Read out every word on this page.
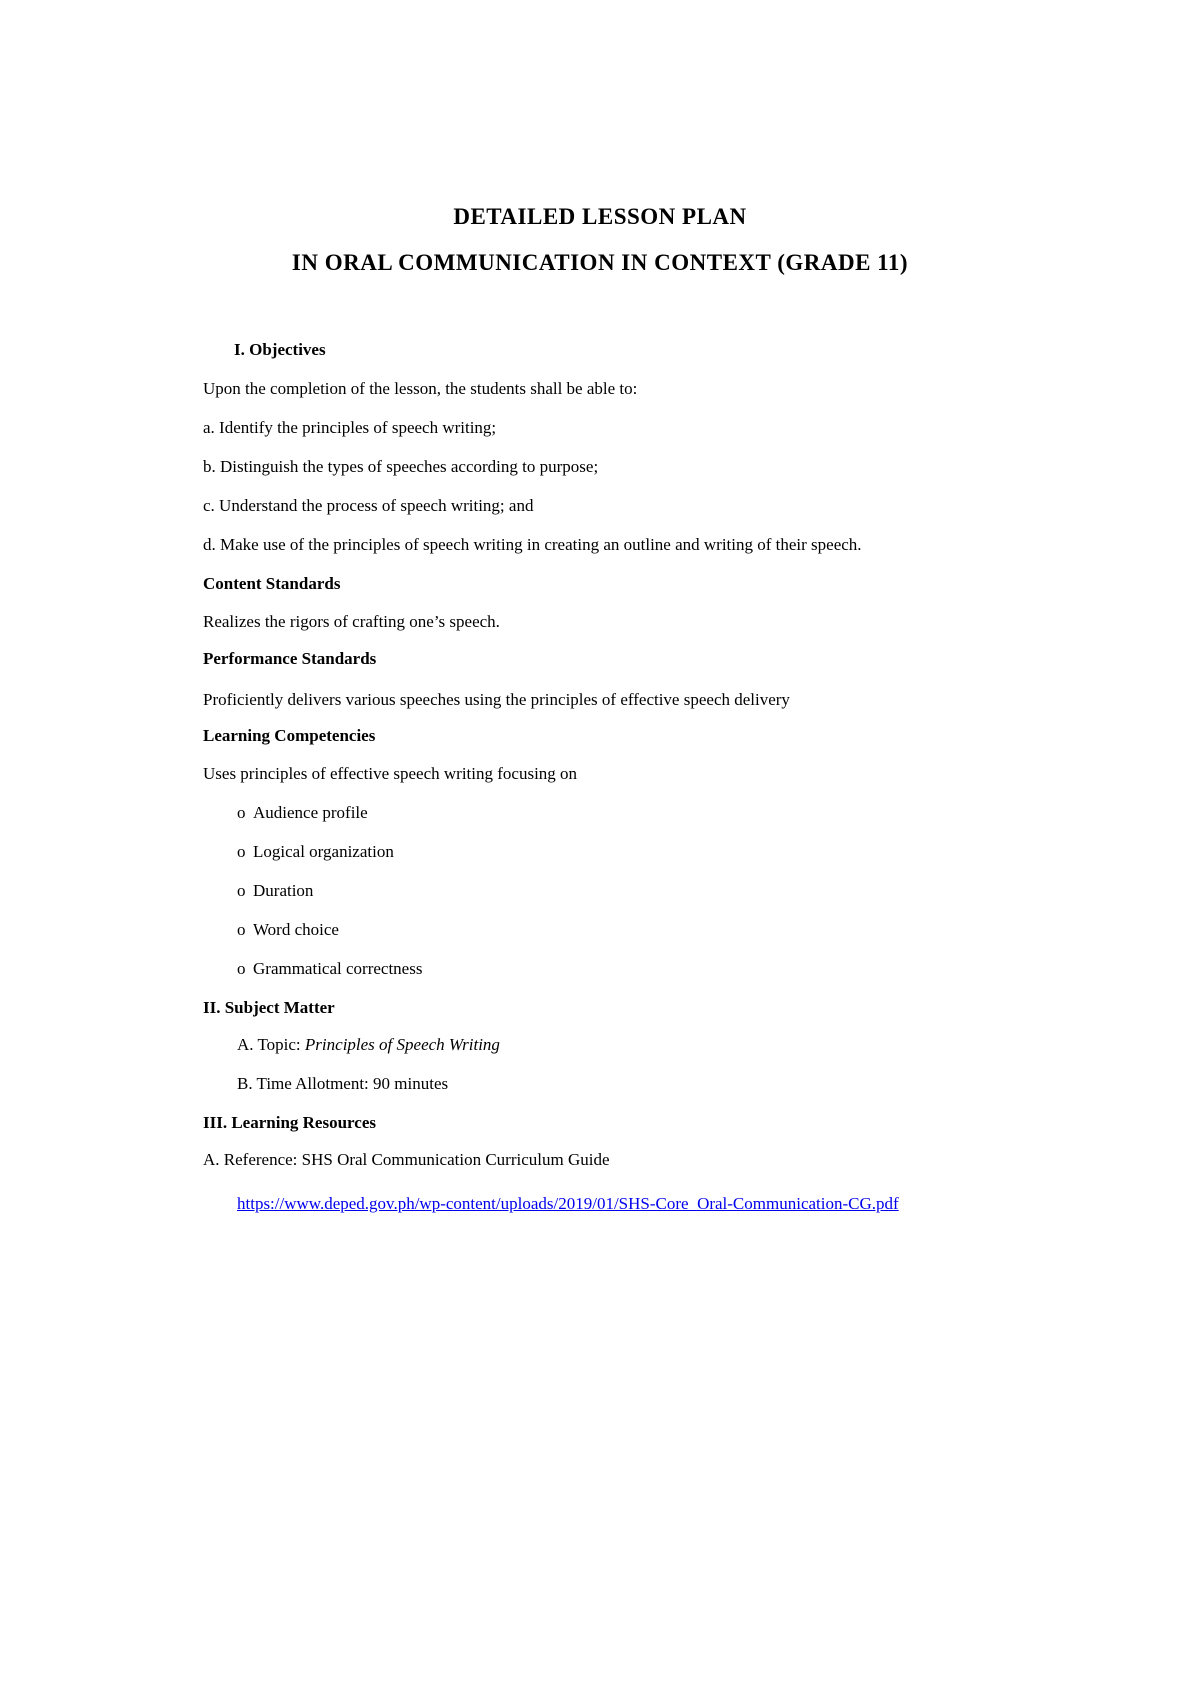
DETAILED LESSON PLAN
IN ORAL COMMUNICATION IN CONTEXT (GRADE 11)
I. Objectives
Upon the completion of the lesson, the students shall be able to:
a. Identify the principles of speech writing;
b. Distinguish the types of speeches according to purpose;
c. Understand the process of speech writing; and
d. Make use of the principles of speech writing in creating an outline and writing of their speech.
Content Standards
Realizes the rigors of crafting one’s speech.
Performance Standards
Proficiently delivers various speeches using the principles of effective speech delivery
Learning Competencies
Uses principles of effective speech writing focusing on
o Audience profile
o Logical organization
o Duration
o Word choice
o Grammatical correctness
II. Subject Matter
A. Topic: Principles of Speech Writing
B. Time Allotment: 90 minutes
III. Learning Resources
A. Reference: SHS Oral Communication Curriculum Guide
https://www.deped.gov.ph/wp-content/uploads/2019/01/SHS-Core_Oral-Communication-CG.pdf
